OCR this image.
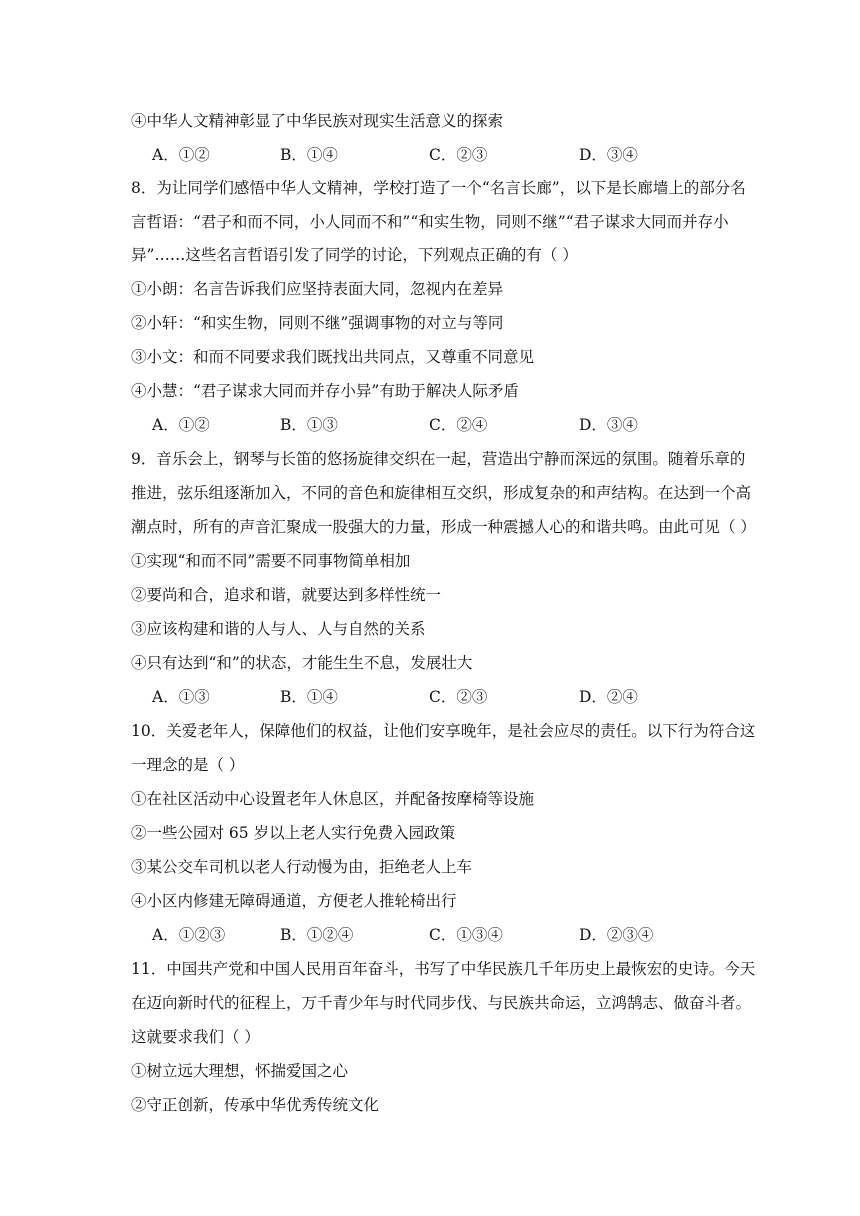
④中华人文精神彰显了中华民族对现实生活意义的探索
A．①②	B．①④	C．②③	D．③④
8．为让同学们感悟中华人文精神，学校打造了一个“名言长廊”，以下是长廊墙上的部分名
言哲语：“君子和而不同，小人同而不和”“和实生物，同则不继”“君子谋求大同而并存小
异”……这些名言哲语引发了同学的讨论，下列观点正确的有（ ）
①小朗：名言告诉我们应坚持表面大同，忽视内在差异
②小轩：“和实生物，同则不继”强调事物的对立与等同
③小文：和而不同要求我们既找出共同点，又尊重不同意见
④小慧：“君子谋求大同而并存小异”有助于解决人际矛盾
A．①②	B．①③	C．②④	D．③④
9．音乐会上，钢琴与长笛的悠扬旋律交织在一起，营造出宁静而深远的氛围。随着乐章的
推进，弦乐组逐渐加入，不同的音色和旋律相互交织，形成复杂的和声结构。在达到一个高
潮点时，所有的声音汇聚成一股强大的力量，形成一种震撼人心的和谐共鸣。由此可见（ ）
①实现“和而不同”需要不同事物简单相加
②要尚和合，追求和谐，就要达到多样性统一
③应该构建和谐的人与人、人与自然的关系
④只有达到“和”的状态，才能生生不息，发展壮大
A．①③	B．①④	C．②③	D．②④
10．关爱老年人，保障他们的权益，让他们安享晚年，是社会应尽的责任。以下行为符合这
一理念的是（ ）
①在社区活动中心设置老年人休息区，并配备按摩椅等设施
②一些公园对 65 岁以上老人实行免费入园政策
③某公交车司机以老人行动慢为由，拒绝老人上车
④小区内修建无障碍通道，方便老人推轮椅出行
A．①②③	B．①②④	C．①③④	D．②③④
11．中国共产党和中国人民用百年奋斗，书写了中华民族几千年历史上最恢宏的史诗。今天
在迈向新时代的征程上，万千青少年与时代同步伐、与民族共命运，立鸿鹄志、做奋斗者。
这就要求我们（ ）
①树立远大理想，怀揣爱国之心
②守正创新，传承中华优秀传统文化
